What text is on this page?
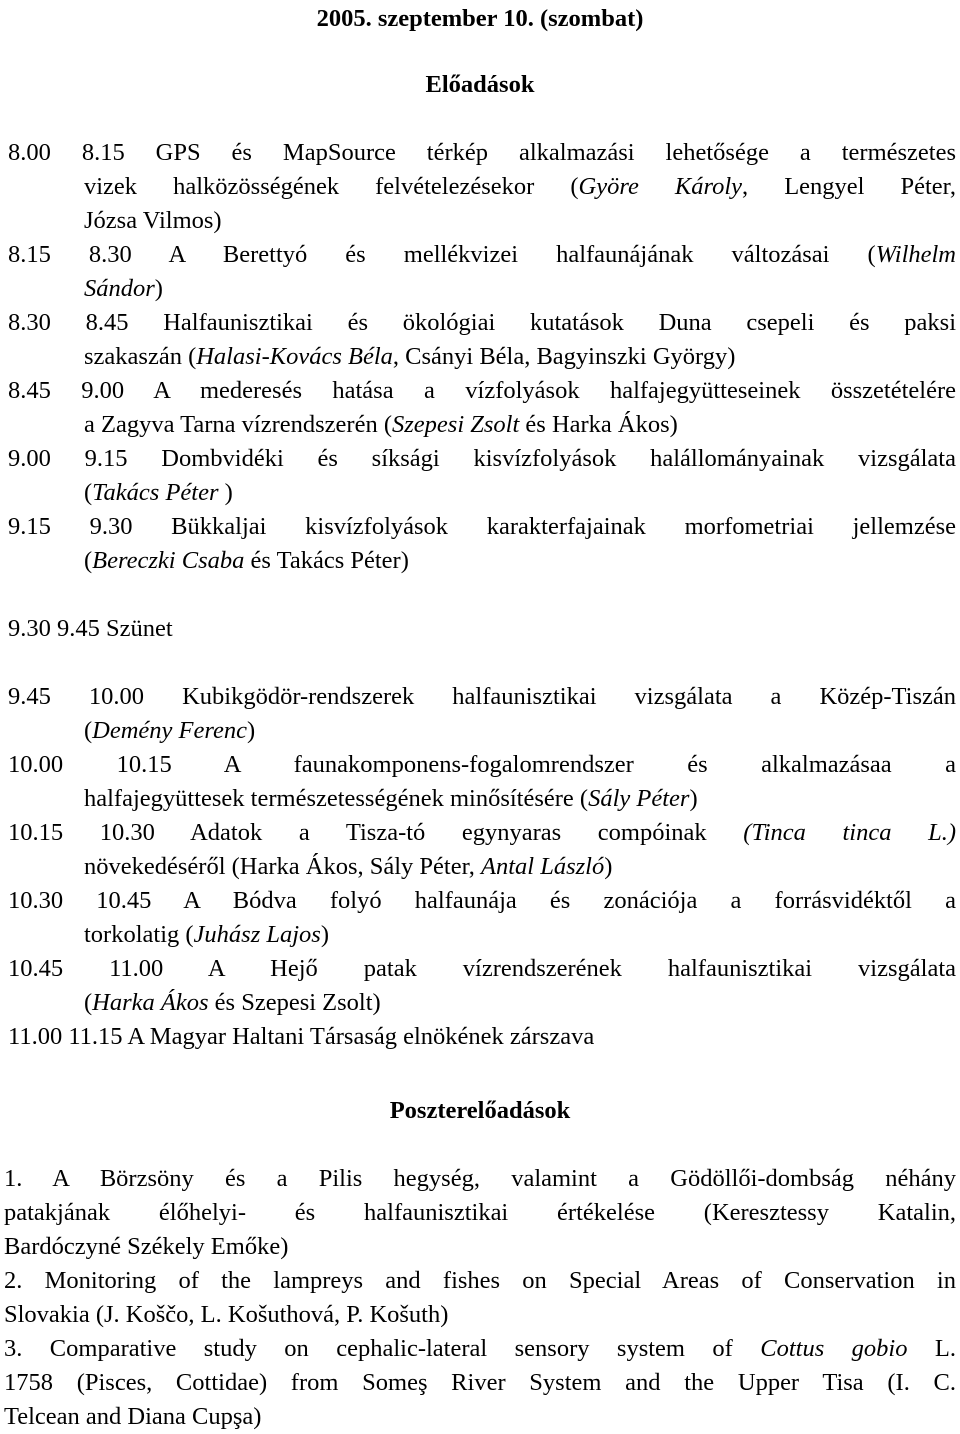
2005. szeptember 10. (szombat)
Előadások
8.00 8.15 GPS és MapSource térkép alkalmazási lehetősége a természetes
vizek halközösségének felvételezésekor (Györe Károly, Lengyel Péter,
Józsa Vilmos)
8.15 8.30 A Berettyó és mellékvizei halfaunájának változásai (Wilhelm
Sándor)
8.30 8.45 Halfaunisztikai és ökológiai kutatások Duna csepeli és paksi
szakaszán (Halasi-Kovács Béla, Csányi Béla, Bagyinszki György)
8.45 9.00 A mederesés hatása a vízfolyások halfajegyütteseinek összetételére
a Zagyva Tarna vízrendszerén (Szepesi Zsolt és Harka Ákos)
9.00 9.15 Dombvidéki és síksági kisvízfolyások halállományainak vizsgálata
(Takács Péter )
9.15 9.30 Bükkaljai kisvízfolyások karakterfajainak morfometriai jellemzése
(Bereczki Csaba és Takács Péter)
9.30 9.45 Szünet
9.45 10.00 Kubikgödör-rendszerek halfaunisztikai vizsgálata a Közép-Tiszán
(Demény Ferenc)
10.00 10.15 A faunakomponens-fogalomrendszer és alkalmazásaa a
halfajegyüttesek természetességének minősítésére (Sály Péter)
10.15 10.30 Adatok a Tisza-tó egynyaras compóinak (Tinca tinca L.)
növekedéséről (Harka Ákos, Sály Péter, Antal László)
10.30 10.45 A Bódva folyó halfaunája és zonációja a forrásvidéktől a
torkolatig (Juhász Lajos)
10.45 11.00 A Hejő patak vízrendszerének halfaunisztikai vizsgálata
(Harka Ákos és Szepesi Zsolt)
11.00 11.15 A Magyar Haltani Társaság elnökének zárszava
Poszterelőadások
1. A Börzsöny és a Pilis hegység, valamint a Gödöllői-dombság néhány
patakjának élőhelyi- és halfaunisztikai értékelése (Keresztessy Katalin,
Bardóczyné Székely Emőke)
2. Monitoring of the lampreys and fishes on Special Areas of Conservation in
Slovakia (J. Koščo, L. Košuthová, P. Košuth)
3. Comparative study on cephalic-lateral sensory system of Cottus gobio L.
1758 (Pisces, Cottidae) from Someş River System and the Upper Tisa (I. C.
Telcean and Diana Cupşa)
